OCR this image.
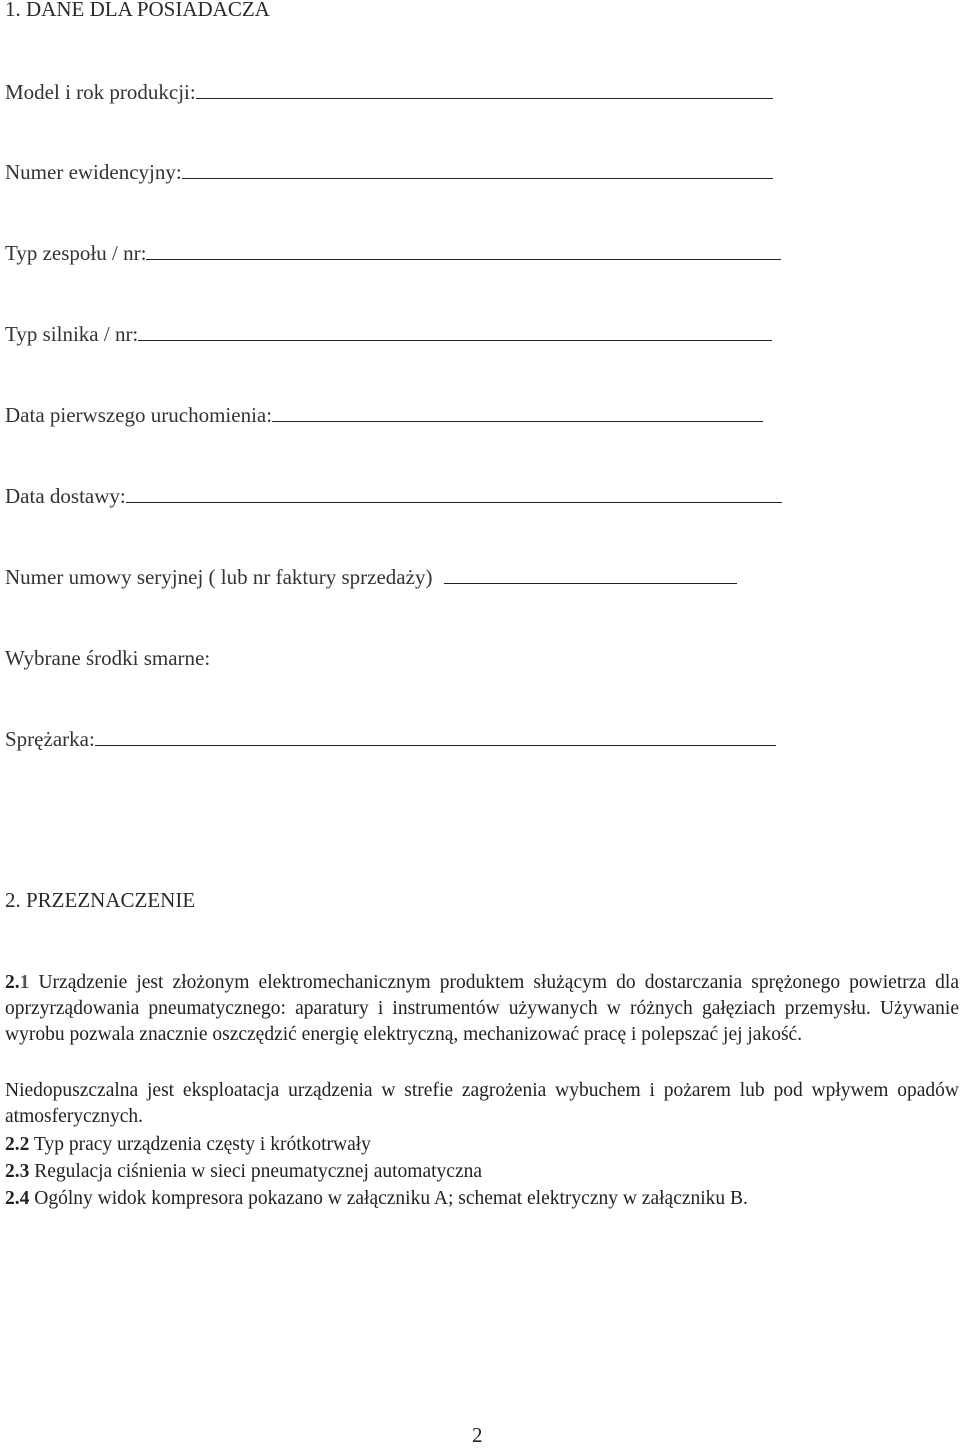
1. DANE DLA POSIADACZA
Model i rok produkcji:
Numer ewidencyjny:
Typ zespołu / nr:
Typ silnika / nr:
Data pierwszego uruchomienia:
Data dostawy:
Numer umowy seryjnej ( lub nr faktury sprzedaży)
Wybrane środki smarne:
Sprężarka:
2. PRZEZNACZENIE

2.1 Urządzenie jest złożonym elektromechanicznym produktem służącym do dostarczania sprężonego powietrza dla oprzyrządowania pneumatycznego: aparatury i instrumentów używanych w różnych gałęziach przemysłu. Używanie wyrobu pozwala znacznie oszczędzić energię elektryczną, mechanizować pracę i polepszać jej jakość.

Niedopuszczalna jest eksploatacja urządzenia w strefie zagrożenia wybuchem i pożarem lub pod wpływem opadów atmosferycznych.

2.2 Typ pracy urządzenia częsty i krótkotrwały

2.3 Regulacja ciśnienia w sieci pneumatycznej automatyczna

2.4 Ogólny widok kompresora pokazano w załączniku A; schemat elektryczny w załączniku B.

2
